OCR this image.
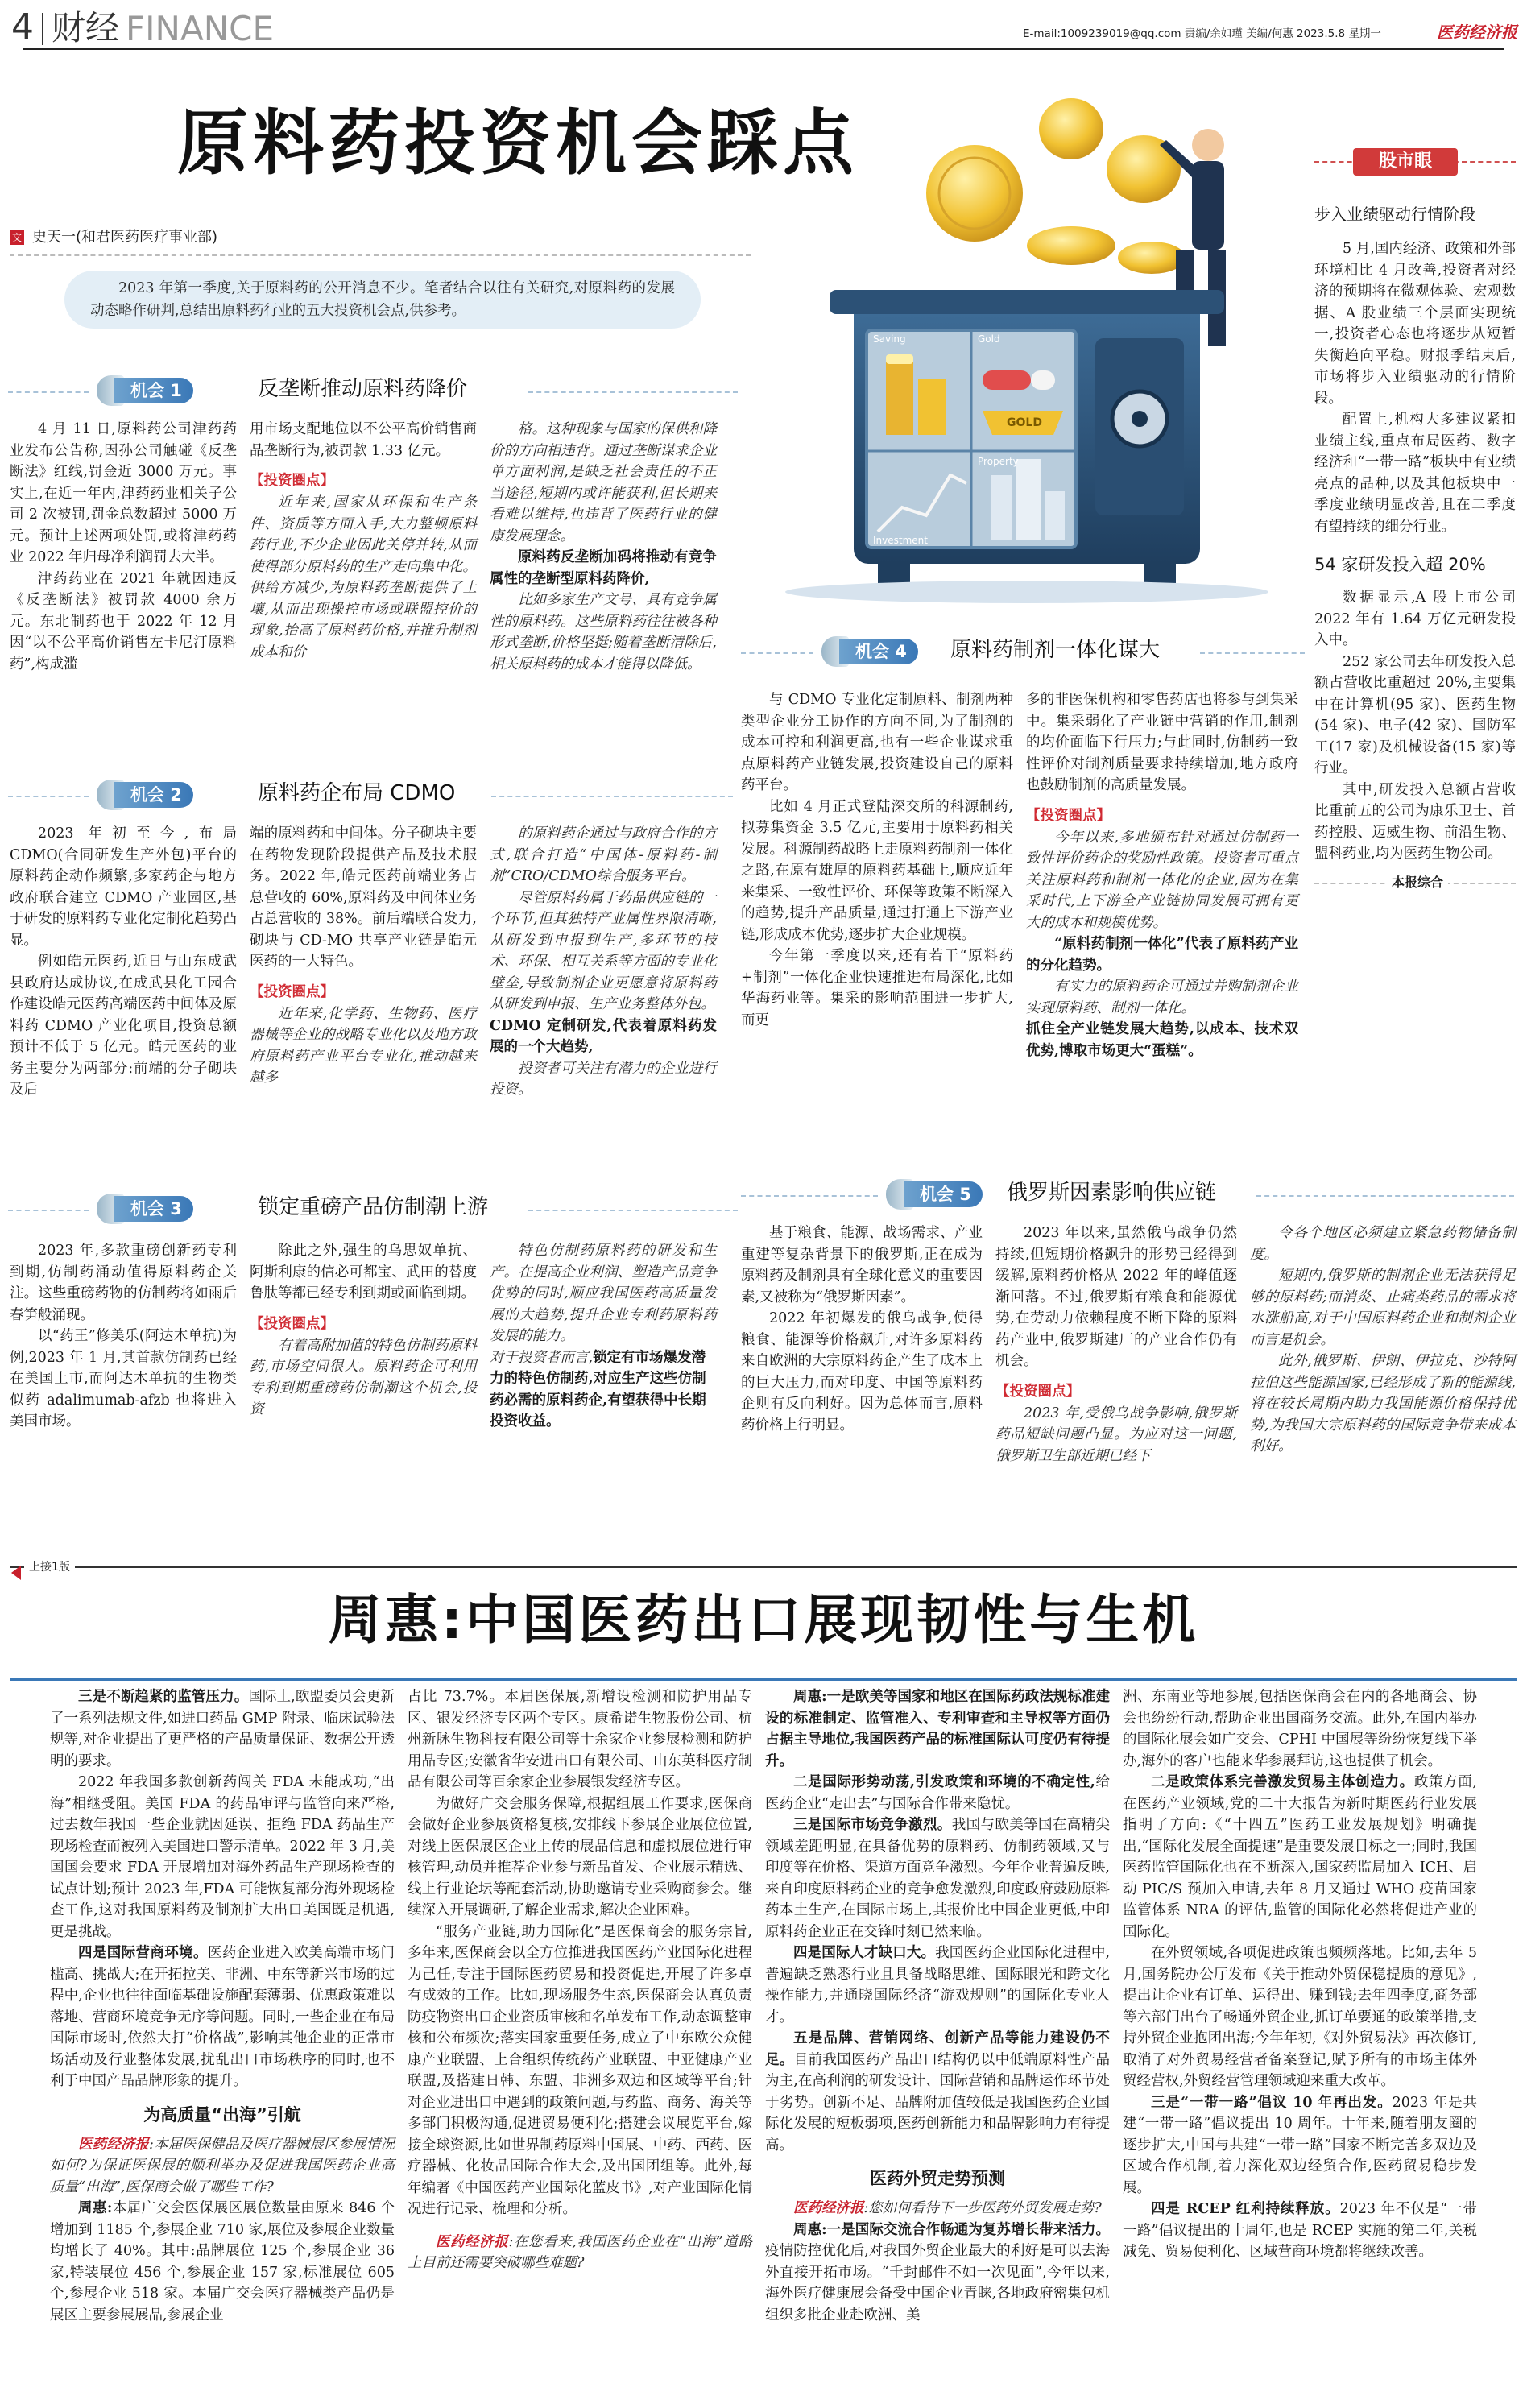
4 财经 FINANCE	E-mail:1009239019@qq.com 责编/余如瑾 美编/何惠 2023.5.8 星期一	医药经济报
原料药投资机会踩点
文 史天一(和君医药医疗事业部)

2023 年第一季度,关于原料药的公开消息不少。笔者结合以往有关研究,对原料药的发展动态略作研判,总结出原料药行业的五大投资机会点,供参考。

Saving	Gold
GOLD
Property
Investment
机会 1	反垄断推动原料药降价

4 月 11 日,原料药公司津药药业发布公告称,因孙公司触碰《反垄断法》红线,罚金近 3000 万元。事实上,在近一年内,津药药业相关子公司 2 次被罚,罚金总数超过 5000 万元。预计上述两项处罚,或将津药药业 2022 年归母净利润罚去大半。

津药药业在 2021 年就因违反《反垄断法》被罚款 4000 余万元。东北制药也于 2022 年 12 月因“以不公平高价销售左卡尼汀原料药”,构成滥

用市场支配地位以不公平高价销售商品垄断行为,被罚款 1.33 亿元。

【投资圈点】

近年来,国家从环保和生产条件、资质等方面入手,大力整顿原料药行业,不少企业因此关停并转,从而使得部分原料药的生产走向集中化。供给方减少,为原料药垄断提供了土壤,从而出现操控市场或联盟控价的现象,抬高了原料药价格,并推升制剂成本和价

格。这种现象与国家的保供和降价的方向相违背。通过垄断谋求企业单方面利润,是缺乏社会责任的不正当途径,短期内或许能获利,但长期来看难以维持,也违背了医药行业的健康发展理念。

原料药反垄断加码将推动有竞争属性的垄断型原料药降价,

比如多家生产文号、具有竞争属性的原料药。这些原料药往往被各种形式垄断,价格坚挺;随着垄断清除后,相关原料药的成本才能得以降低。

机会 2	原料药企布局 CDMO

2023 年初至今,布局 CDMO(合同研发生产外包)平台的原料药企动作频繁,多家药企与地方政府联合建立 CDMO 产业园区,基于研发的原料药专业化定制化趋势凸显。

例如皓元医药,近日与山东成武县政府达成协议,在成武县化工园合作建设皓元医药高端医药中间体及原料药 CDMO 产业化项目,投资总额预计不低于 5 亿元。皓元医药的业务主要分为两部分:前端的分子砌块及后

端的原料药和中间体。分子砌块主要在药物发现阶段提供产品及技术服务。2022 年,皓元医药前端业务占总营收的 60%,原料药及中间体业务占总营收的 38%。前后端联合发力,砌块与 CD-MO 共享产业链是皓元医药的一大特色。

【投资圈点】

近年来,化学药、生物药、医疗器械等企业的战略专业化以及地方政府原料药产业平台专业化,推动越来越多

的原料药企通过与政府合作的方式,联合打造“中国体-原料药-制剂”CRO/CDMO综合服务平台。

尽管原料药属于药品供应链的一个环节,但其独特产业属性界限清晰,从研发到申报到生产,多环节的技术、环保、相互关系等方面的专业化壁垒,导致制剂企业更愿意将原料药从研发到申报、生产业务整体外包。

CDMO 定制研发,代表着原料药发展的一个大趋势,

投资者可关注有潜力的企业进行投资。

机会 3	锁定重磅产品仿制潮上游

2023 年,多款重磅创新药专利到期,仿制药涌动值得原料药企关注。这些重磅药物的仿制药将如雨后春笋般涌现。

以“药王”修美乐(阿达木单抗)为例,2023 年 1 月,其首款仿制药已经在美国上市,而阿达木单抗的生物类似药 adalimumab-afzb 也将进入美国市场。

除此之外,强生的乌思奴单抗、阿斯利康的信必可都宝、武田的替度鲁肽等都已经专利到期或面临到期。

【投资圈点】

有着高附加值的特色仿制药原料药,市场空间很大。原料药企可利用专利到期重磅药仿制潮这个机会,投资

特色仿制药原料药的研发和生产。在提高企业利润、塑造产品竞争优势的同时,顺应我国医药高质量发展的大趋势,提升企业专利药原料药发展的能力。

对于投资者而言,

锁定有市场爆发潜力的特色仿制药,对应生产这些仿制药必需的原料药企,有望获得中长期投资收益。
机会 4	原料药制剂一体化谋大

与 CDMO 专业化定制原料、制剂两种类型企业分工协作的方向不同,为了制剂的成本可控和利润更高,也有一些企业谋求重点原料药产业链发展,投资建设自己的原料药平台。

比如 4 月正式登陆深交所的科源制药,拟募集资金 3.5 亿元,主要用于原料药相关发展。科源制药战略上走原料药制剂一体化之路,在原有雄厚的原料药基础上,顺应近年来集采、一致性评价、环保等政策不断深入的趋势,提升产品质量,通过打通上下游产业链,形成成本优势,逐步扩大企业规模。

今年第一季度以来,还有若干“原料药+制剂”一体化企业快速推进布局深化,比如华海药业等。集采的影响范围进一步扩大,而更

多的非医保机构和零售药店也将参与到集采中。集采弱化了产业链中营销的作用,制剂的均价面临下行压力;与此同时,仿制药一致性评价对制剂质量要求持续增加,地方政府也鼓励制剂的高质量发展。

【投资圈点】

今年以来,多地颁布针对通过仿制药一致性评价药企的奖励性政策。投资者可重点关注原料药和制剂一体化的企业,因为在集采时代,上下游全产业链协同发展可拥有更大的成本和规模优势。

“原料药制剂一体化”代表了原料药产业的分化趋势。

有实力的原料药企可通过并购制剂企业实现原料药、制剂一体化。

抓住全产业链发展大趋势,以成本、技术双优势,博取市场更大“蛋糕”。

机会 5	俄罗斯因素影响供应链

基于粮食、能源、战场需求、产业重建等复杂背景下的俄罗斯,正在成为原料药及制剂具有全球化意义的重要因素,又被称为“俄罗斯因素”。

2022 年初爆发的俄乌战争,使得粮食、能源等价格飙升,对许多原料药来自欧洲的大宗原料药企产生了成本上的巨大压力,而对印度、中国等原料药企则有反向利好。因为总体而言,原料药价格上行明显。

2023 年以来,虽然俄乌战争仍然持续,但短期价格飙升的形势已经得到缓解,原料药价格从 2022 年的峰值逐渐回落。不过,俄罗斯有粮食和能源优势,在劳动力依赖程度不断下降的原料药产业中,俄罗斯建厂的产业合作仍有机会。

【投资圈点】

2023 年,受俄乌战争影响,俄罗斯药品短缺问题凸显。为应对这一问题,俄罗斯卫生部近期已经下

令各个地区必须建立紧急药物储备制度。

短期内,俄罗斯的制剂企业无法获得足够的原料药;而消炎、止痛类药品的需求将水涨船高,对于中国原料药企业和制剂企业而言是机会。

此外,俄罗斯、伊朗、伊拉克、沙特阿拉伯这些能源国家,已经形成了新的能源线,将在较长周期内助力我国能源价格保持优势,为我国大宗原料药的国际竞争带来成本利好。

股市眼

步入业绩驱动行情阶段

5 月,国内经济、政策和外部环境相比 4 月改善,投资者对经济的预期将在微观体验、宏观数据、A 股业绩三个层面实现统一,投资者心态也将逐步从短暂失衡趋向平稳。财报季结束后,市场将步入业绩驱动的行情阶段。

配置上,机构大多建议紧扣业绩主线,重点布局医药、数字经济和“一带一路”板块中有业绩亮点的品种,以及其他板块中一季度业绩明显改善,且在二季度有望持续的细分行业。

54 家研发投入超 20%

数据显示,A 股上市公司 2022 年有 1.64 万亿元研发投入中。

252 家公司去年研发投入总额占营收比重超过 20%,主要集中在计算机(95 家)、医药生物(54 家)、电子(42 家)、国防军工(17 家)及机械设备(15 家)等行业。

其中,研发投入总额占营收比重前五的公司为康乐卫士、首药控股、迈威生物、前沿生物、盟科药业,均为医药生物公司。

本报综合
上接1版
周惠:中国医药出口展现韧性与生机

三是不断趋紧的监管压力。国际上,欧盟委员会更新了一系列法规文件,如进口药品 GMP 附录、临床试验法规等,对企业提出了更严格的产品质量保证、数据公开透明的要求。

2022 年我国多款创新药闯关 FDA 未能成功,“出海”相继受阻。美国 FDA 的药品审评与监管向来严格,过去数年我国一些企业就因延误、拒绝 FDA 药品生产现场检查而被列入美国进口警示清单。2022 年 3 月,美国国会要求 FDA 开展增加对海外药品生产现场检查的试点计划;预计 2023 年,FDA 可能恢复部分海外现场检查工作,这对我国原料药及制剂扩大出口美国既是机遇,更是挑战。

四是国际营商环境。医药企业进入欧美高端市场门槛高、挑战大;在开拓拉美、非洲、中东等新兴市场的过程中,企业也往往面临基础设施配套薄弱、优惠政策难以落地、营商环境竞争无序等问题。同时,一些企业在布局国际市场时,依然大打“价格战”,影响其他企业的正常市场活动及行业整体发展,扰乱出口市场秩序的同时,也不利于中国产品品牌形象的提升。

为高质量“出海”引航

医药经济报:本届医保健品及医疗器械展区参展情况如何?为保证医保展的顺利举办及促进我国医药企业高质量“出海”,医保商会做了哪些工作?

周惠:本届广交会医保展区展位数量由原来 846 个增加到 1185 个,参展企业 710 家,展位及参展企业数量均增长了 40%。其中:品牌展位 125 个,参展企业 36 家,特装展位 456 个,参展企业 157 家,标准展位 605 个,参展企业 518 家。本届广交会医疗器械类产品仍是展区主要参展展品,参展企业

占比 73.7%。本届医保展,新增设检测和防护用品专区、银发经济专区两个专区。康希诺生物股份公司、杭州新脉生物科技有限公司等十余家企业参展检测和防护用品专区;安徽省华安进出口有限公司、山东英科医疗制品有限公司等百余家企业参展银发经济专区。

为做好广交会服务保障,根据组展工作要求,医保商会做好企业参展资格复核,安排线下参展企业展位位置,对线上医保展区企业上传的展品信息和虚拟展位进行审核管理,动员并推荐企业参与新品首发、企业展示精选、线上行业论坛等配套活动,协助邀请专业采购商参会。继续深入开展调研,了解企业需求,解决企业困难。

“服务产业链,助力国际化”是医保商会的服务宗旨,多年来,医保商会以全方位推进我国医药产业国际化进程为己任,专注于国际医药贸易和投资促进,开展了许多卓有成效的工作。比如,现场服务生态,医保商会认真负责防疫物资出口企业资质审核和名单发布工作,动态调整审核和公布频次;落实国家重要任务,成立了中东欧公众健康产业联盟、上合组织传统药产业联盟、中亚健康产业联盟,及搭建日韩、东盟、非洲多双边和区域等平台;针对企业进出口中遇到的政策问题,与药监、商务、海关等多部门积极沟通,促进贸易便利化;搭建会议展览平台,嫁接全球资源,比如世界制药原料中国展、中药、西药、医疗器械、化妆品国际合作大会,及出国团组等。此外,每年编著《中国医药产业国际化蓝皮书》,对产业国际化情况进行记录、梳理和分析。

医药经济报:在您看来,我国医药企业在“出海”道路上目前还需要突破哪些难题?

周惠:一是欧美等国家和地区在国际药政法规标准建设的标准制定、监管准入、专利审查和主导权等方面仍占据主导地位,我国医药产品的标准国际认可度仍有待提升。

二是国际形势动荡,引发政策和环境的不确定性,给医药企业“走出去”与国际合作带来隐忧。

三是国际市场竞争激烈。我国与欧美等国在高精尖领域差距明显,在具备优势的原料药、仿制药领域,又与印度等在价格、渠道方面竞争激烈。今年企业普遍反映,来自印度原料药企业的竞争愈发激烈,印度政府鼓励原料药本土生产,在国际市场上,其报价比中国企业更低,中印原料药企业正在交锋时刻已然来临。

四是国际人才缺口大。我国医药企业国际化进程中,普遍缺乏熟悉行业且具备战略思维、国际眼光和跨文化操作能力,并通晓国际经济“游戏规则”的国际化专业人才。

五是品牌、营销网络、创新产品等能力建设仍不足。目前我国医药产品出口结构仍以中低端原料性产品为主,在高利润的研发设计、国际营销和品牌运作环节处于劣势。创新不足、品牌附加值较低是我国医药企业国际化发展的短板弱项,医药创新能力和品牌影响力有待提高。

医药外贸走势预测

医药经济报:您如何看待下一步医药外贸发展走势?

周惠:一是国际交流合作畅通为复苏增长带来活力。疫情防控优化后,对我国外贸企业最大的利好是可以去海外直接开拓市场。“千封邮件不如一次见面”,今年以来,海外医疗健康展会备受中国企业青睐,各地政府密集包机组织多批企业赴欧洲、美

洲、东南亚等地参展,包括医保商会在内的各地商会、协会也纷纷行动,帮助企业出国商务交流。此外,在国内举办的国际化展会如广交会、CPHI 中国展等纷纷恢复线下举办,海外的客户也能来华参展拜访,这也提供了机会。

二是政策体系完善激发贸易主体创造力。政策方面,在医药产业领域,党的二十大报告为新时期医药行业发展指明了方向:《“十四五”医药工业发展规划》明确提出,“国际化发展全面提速”是重要发展目标之一;同时,我国医药监管国际化也在不断深入,国家药监局加入 ICH、启动 PIC/S 预加入申请,去年 8 月又通过 WHO 疫苗国家监管体系 NRA 的评估,监管的国际化必然将促进产业的国际化。

在外贸领域,各项促进政策也频频落地。比如,去年 5 月,国务院办公厅发布《关于推动外贸保稳提质的意见》,提出让企业有订单、运得出、赚到钱;去年四季度,商务部等六部门出台了畅通外贸企业,抓订单要通的政策举措,支持外贸企业抱团出海;今年年初,《对外贸易法》再次修订,取消了对外贸易经营者备案登记,赋予所有的市场主体外贸经营权,外贸经营管理领域迎来重大改革。

三是“一带一路”倡议 10 年再出发。2023 年是共建“一带一路”倡议提出 10 周年。十年来,随着朋友圈的逐步扩大,中国与共建“一带一路”国家不断完善多双边及区域合作机制,着力深化双边经贸合作,医药贸易稳步发展。

四是 RCEP 红利持续释放。2023 年不仅是“一带一路”倡议提出的十周年,也是 RCEP 实施的第二年,关税减免、贸易便利化、区域营商环境都将继续改善。
